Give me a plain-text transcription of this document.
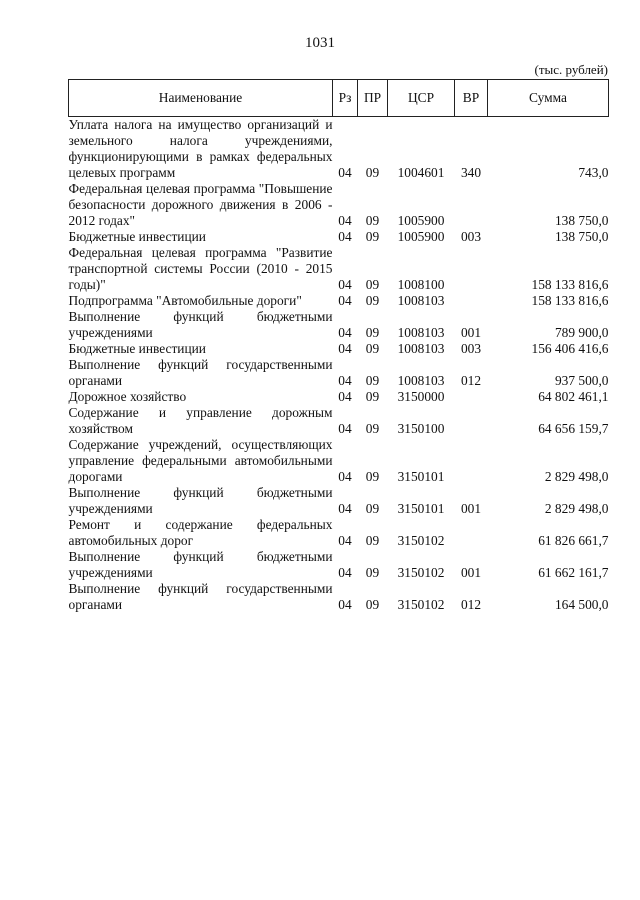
1031
(тыс. рублей)
Наименование	Рз	ПР	ЦСР	ВР	Сумма
Уплата налога на имущество организаций и земельного налога учреждениями, функционирующими в рамках федеральных целевых программ	04	09	1004601	340	743,0
Федеральная целевая программа "Повышение безопасности дорожного движения в 2006 - 2012 годах"	04	09	1005900		138 750,0
Бюджетные инвестиции	04	09	1005900	003	138 750,0
Федеральная целевая программа "Развитие транспортной системы России (2010 - 2015 годы)"	04	09	1008100		158 133 816,6
Подпрограмма "Автомобильные дороги"	04	09	1008103		158 133 816,6
Выполнение функций бюджетными учреждениями	04	09	1008103	001	789 900,0
Бюджетные инвестиции	04	09	1008103	003	156 406 416,6
Выполнение функций государственными органами	04	09	1008103	012	937 500,0
Дорожное хозяйство	04	09	3150000		64 802 461,1
Содержание и управление дорожным хозяйством	04	09	3150100		64 656 159,7
Содержание учреждений, осуществляющих управление федеральными автомобильными дорогами	04	09	3150101		2 829 498,0
Выполнение функций бюджетными учреждениями	04	09	3150101	001	2 829 498,0
Ремонт и содержание федеральных автомобильных дорог	04	09	3150102		61 826 661,7
Выполнение функций бюджетными учреждениями	04	09	3150102	001	61 662 161,7
Выполнение функций государственными органами	04	09	3150102	012	164 500,0
